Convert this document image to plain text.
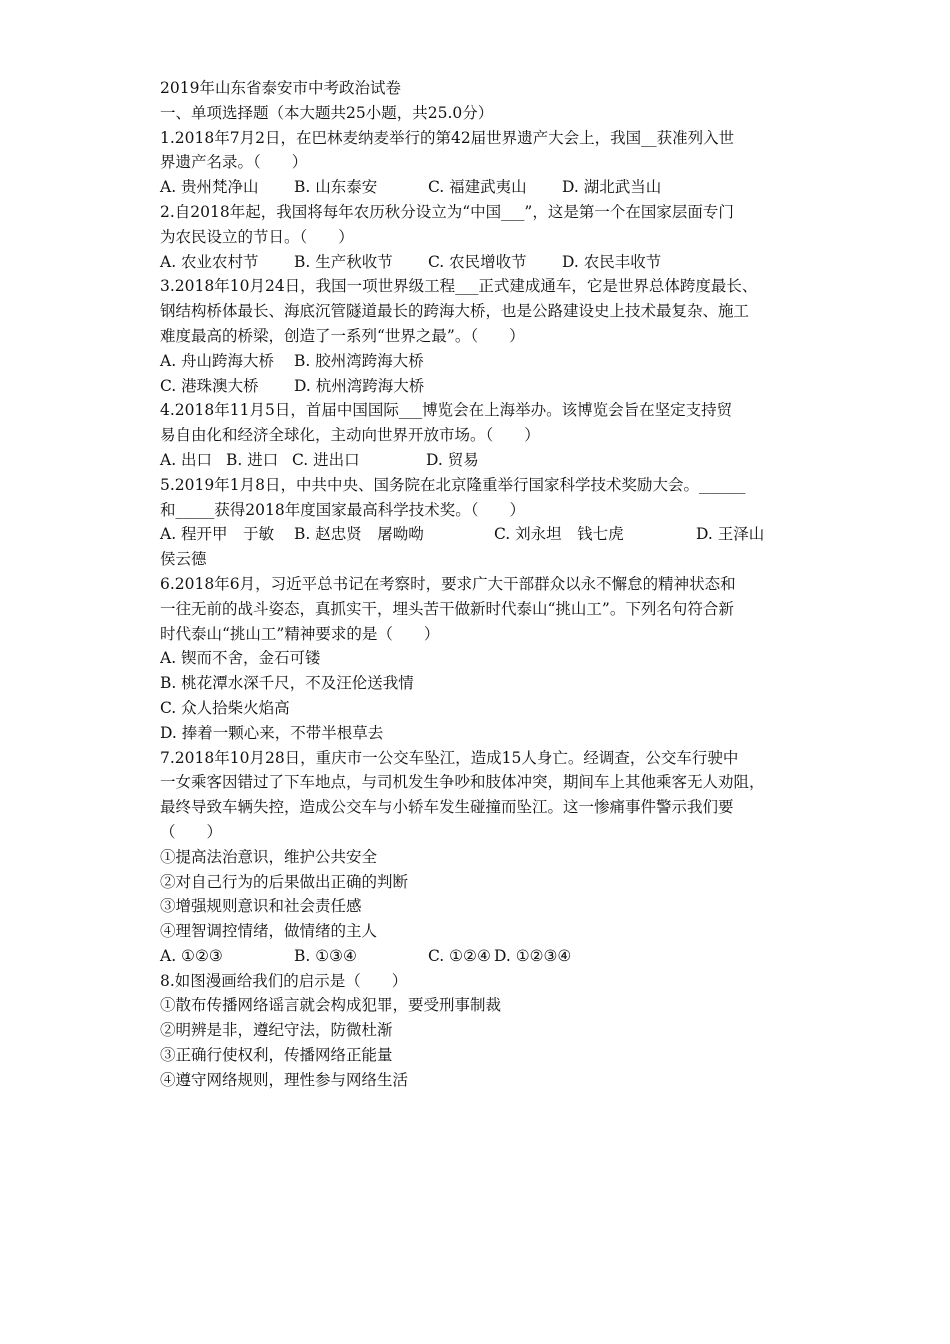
2019年山东省泰安市中考政治试卷
一、单项选择题（本大题共25小题，共25.0分）
1.2018年7月2日，在巴林麦纳麦举行的第42届世界遗产大会上，我国__获准列入世
界遗产名录。（　　）
A. 贵州梵净山	B. 山东泰安	C. 福建武夷山	D. 湖北武当山
2.自2018年起，我国将每年农历秋分设立为“中国___”，这是第一个在国家层面专门
为农民设立的节日。（　　）
A. 农业农村节	B. 生产秋收节	C. 农民增收节	D. 农民丰收节
3.2018年10月24日，我国一项世界级工程___正式建成通车，它是世界总体跨度最长、
钢结构桥体最长、海底沉管隧道最长的跨海大桥，也是公路建设史上技术最复杂、施工
难度最高的桥梁，创造了一系列“世界之最”。（　　）
A. 舟山跨海大桥	B. 胶州湾跨海大桥
C. 港珠澳大桥	D. 杭州湾跨海大桥
4.2018年11月5日，首届中国国际___博览会在上海举办。该博览会旨在坚定支持贸
易自由化和经济全球化，主动向世界开放市场。（　　）
A. 出口 B. 进口 C. 进出口	D. 贸易
5.2019年1月8日，中共中央、国务院在北京隆重举行国家科学技术奖励大会。______
和_____获得2018年度国家最高科学技术奖。（　　）
A. 程开甲　于敏	B. 赵忠贤　屠呦呦	C. 刘永坦　钱七虎	D. 王泽山
侯云德
6.2018年6月，习近平总书记在考察时，要求广大干部群众以永不懈怠的精神状态和
一往无前的战斗姿态，真抓实干，埋头苦干做新时代泰山“挑山工”。下列名句符合新
时代泰山“挑山工”精神要求的是（　　）
A. 锲而不舍，金石可镂
B. 桃花潭水深千尺，不及汪伦送我情
C. 众人拾柴火焰高
D. 捧着一颗心来，不带半根草去
7.2018年10月28日，重庆市一公交车坠江，造成15人身亡。经调查，公交车行驶中
一女乘客因错过了下车地点，与司机发生争吵和肢体冲突，期间车上其他乘客无人劝阻，
最终导致车辆失控，造成公交车与小轿车发生碰撞而坠江。这一惨痛事件警示我们要
（　　）
①提高法治意识，维护公共安全
②对自己行为的后果做出正确的判断
③增强规则意识和社会责任感
④理智调控情绪，做情绪的主人
A. ①②③	B. ①③④	C. ①②④ D. ①②③④
8.如图漫画给我们的启示是（　　）
①散布传播网络谣言就会构成犯罪，要受刑事制裁
②明辨是非，遵纪守法，防微杜渐
③正确行使权利，传播网络正能量
④遵守网络规则，理性参与网络生活
